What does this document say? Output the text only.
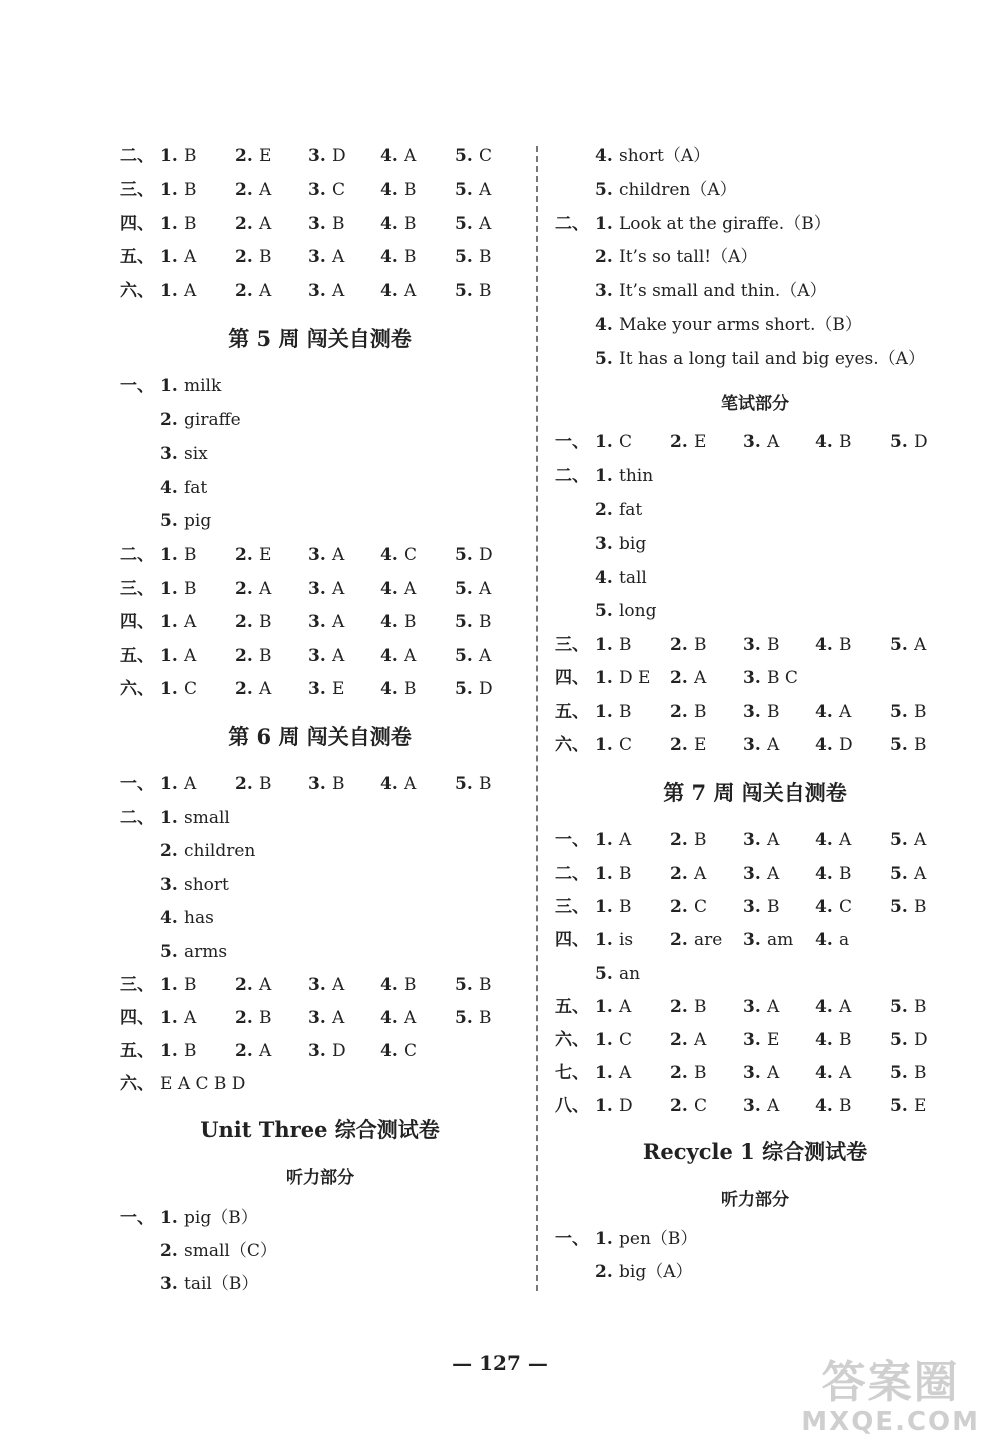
二、 1. B 2. E 3. D 4. A 5. C
三、 1. B 2. A 3. C 4. B 5. A
四、 1. B 2. A 3. B 4. B 5. A
五、 1. A 2. B 3. A 4. B 5. B
六、 1. A 2. A 3. A 4. A 5. B
第 5 周 闯关自测卷
一、 1. milk
2. giraffe
3. six
4. fat
5. pig
二、 1. B 2. E 3. A 4. C 5. D
三、 1. B 2. A 3. A 4. A 5. A
四、 1. A 2. B 3. A 4. B 5. B
五、 1. A 2. B 3. A 4. A 5. A
六、 1. C 2. A 3. E 4. B 5. D
第 6 周 闯关自测卷
一、 1. A 2. B 3. B 4. A 5. B
二、 1. small
2. children
3. short
4. has
5. arms
三、 1. B 2. A 3. A 4. B 5. B
四、 1. A 2. B 3. A 4. A 5. B
五、 1. B 2. A 3. D 4. C
六、 E A C B D
Unit Three 综合测试卷
听力部分
一、 1. pig（B）
2. small（C）
3. tail（B）
4. short（A）
5. children（A）
二、 1. Look at the giraffe.（B）
2. It’s so tall!（A）
3. It’s small and thin.（A）
4. Make your arms short.（B）
5. It has a long tail and big eyes.（A）
笔试部分
一、 1. C 2. E 3. A 4. B 5. D
二、 1. thin
2. fat
3. big
4. tall
5. long
三、 1. B 2. B 3. B 4. B 5. A
四、 1. D E 2. A 3. B C
五、 1. B 2. B 3. B 4. A 5. B
六、 1. C 2. E 3. A 4. D 5. B
第 7 周 闯关自测卷
一、 1. A 2. B 3. A 4. A 5. A
二、 1. B 2. A 3. A 4. B 5. A
三、 1. B 2. C 3. B 4. C 5. B
四、 1. is 2. are 3. am 4. a
5. an
五、 1. A 2. B 3. A 4. A 5. B
六、 1. C 2. A 3. E 4. B 5. D
七、 1. A 2. B 3. A 4. A 5. B
八、 1. D 2. C 3. A 4. B 5. E
Recycle 1 综合测试卷
听力部分
一、 1. pen（B）
2. big（A）
— 127 —	答案圈
MXQE.COM
